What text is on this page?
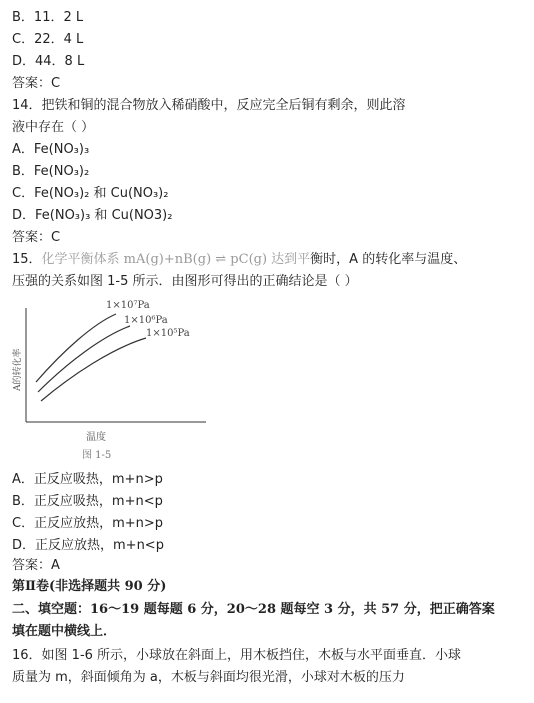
B．11．2 L
C．22．4 L
D．44．8 L
答案：C
14．把铁和铜的混合物放入稀硝酸中，反应完全后铜有剩余，则此溶
液中存在（ ）
A．Fe(NO₃)₃
B．Fe(NO₃)₂
C．Fe(NO₃)₂ 和 Cu(NO₃)₂
D．Fe(NO₃)₃ 和 Cu(NO3)₂
答案：C
15．化学平衡体系 mA(g)+nB(g) ⇌ pC(g) 达到平衡时，A 的转化率与温度、
压强的关系如图 1-5 所示．由图形可得出的正确结论是（ ）
1×10⁷Pa
1×10⁶Pa
1×10⁵Pa
A的转化率
温度
图 1-5
A．正反应吸热，m+n>p
B．正反应吸热，m+n<p
C．正反应放热，m+n>p
D．正反应放热，m+n<p
答案：A
第Ⅱ卷(非选择题共 90 分)
二、填空题：16～19 题每题 6 分，20～28 题每空 3 分，共 57 分，把正确答案
填在题中横线上．
16．如图 1-6 所示，小球放在斜面上，用木板挡住，木板与水平面垂直．小球
质量为 m，斜面倾角为 a，木板与斜面均很光滑，小球对木板的压力
